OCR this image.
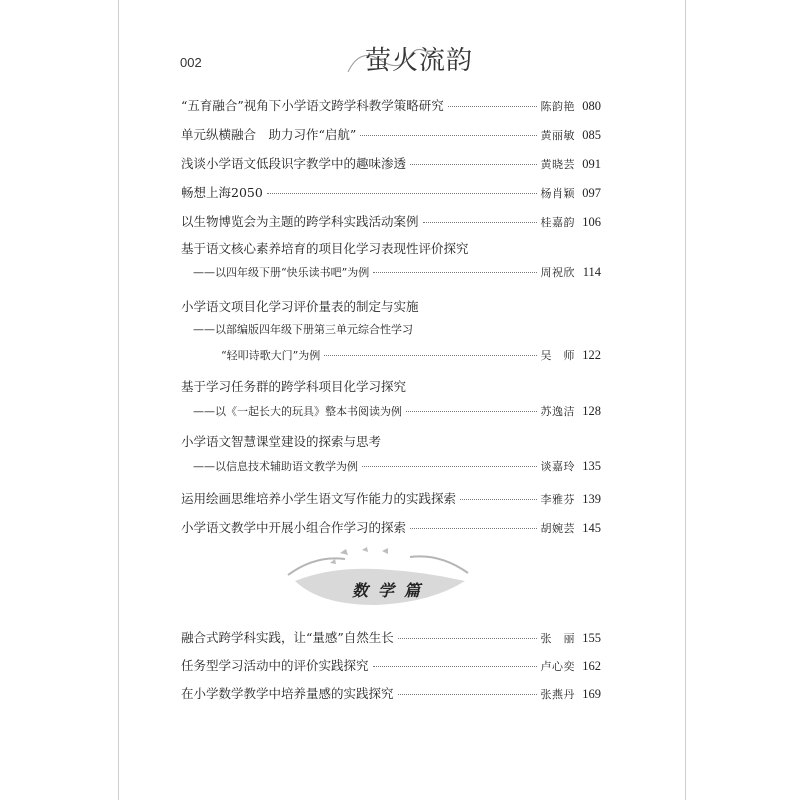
002	萤火流韵
“五育融合”视角下小学语文跨学科教学策略研究	陈韵艳 080
单元纵横融合　助力习作“启航”	黄丽敏 085
浅谈小学语文低段识字教学中的趣味渗透	黄晓芸 091
畅想上海2050	杨肖颖 097
以生物博览会为主题的跨学科实践活动案例	桂嘉韵 106
基于语文核心素养培育的项目化学习表现性评价探究
——以四年级下册“快乐读书吧”为例	周祝欣 114
小学语文项目化学习评价量表的制定与实施
——以部编版四年级下册第三单元综合性学习
“轻叩诗歌大门”为例	吴　师 122
基于学习任务群的跨学科项目化学习探究
——以《一起长大的玩具》整本书阅读为例	苏逸洁 128
小学语文智慧课堂建设的探索与思考
——以信息技术辅助语文教学为例	谈嘉玲 135
运用绘画思维培养小学生语文写作能力的实践探索	李雅芬 139
小学语文教学中开展小组合作学习的探索	胡婉芸 145
数学篇
融合式跨学科实践，让“量感”自然生长	张　丽 155
任务型学习活动中的评价实践探究	卢心奕 162
在小学数学教学中培养量感的实践探究	张燕丹 169
